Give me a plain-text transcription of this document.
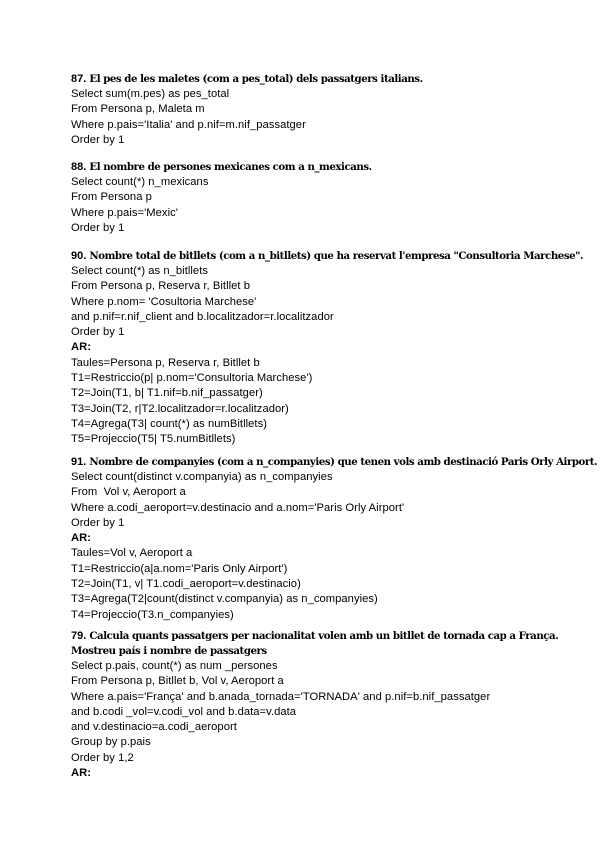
87. El pes de les maletes (com a pes_total) dels passatgers italians.
Select sum(m.pes) as pes_total
From Persona p, Maleta m
Where p.pais='Italia' and p.nif=m.nif_passatger
Order by 1
88. El nombre de persones mexicanes com a n_mexicans.
Select count(*) n_mexicans
From Persona p
Where p.pais='Mexic'
Order by 1
90. Nombre total de bitllets (com a n_bitllets) que ha reservat l'empresa "Consultoria Marchese".
Select count(*) as n_bitllets
From Persona p, Reserva r, Bitllet b
Where p.nom= 'Cosultoria Marchese'
and p.nif=r.nif_client and b.localitzador=r.localitzador
Order by 1
AR:
Taules=Persona p, Reserva r, Bitllet b
T1=Restriccio(p| p.nom='Consultoria Marchese')
T2=Join(T1, b| T1.nif=b.nif_passatger)
T3=Join(T2, r|T2.localitzador=r.localitzador)
T4=Agrega(T3| count(*) as numBitllets)
T5=Projeccio(T5| T5.numBitllets)
91. Nombre de companyies (com a n_companyies) que tenen vols amb destinació Paris Orly Airport.
Select count(distinct v.companyia) as n_companyies
From  Vol v, Aeroport a
Where a.codi_aeroport=v.destinacio and a.nom='Paris Orly Airport'
Order by 1
AR:
Taules=Vol v, Aeroport a
T1=Restriccio(a|a.nom='Paris Only Airport')
T2=Join(T1, v| T1.codi_aeroport=v.destinacio)
T3=Agrega(T2|count(distinct v.companyia) as n_companyies)
T4=Projeccio(T3.n_companyies)
79. Calcula quants passatgers per nacionalitat volen amb un bitllet de tornada cap a França.
Mostreu país i nombre de passatgers
Select p.pais, count(*) as num _persones
From Persona p, Bitllet b, Vol v, Aeroport a
Where a.pais='França' and b.anada_tornada='TORNADA' and p.nif=b.nif_passatger
and b.codi _vol=v.codi_vol and b.data=v.data
and v.destinacio=a.codi_aeroport
Group by p.pais
Order by 1,2
AR:
